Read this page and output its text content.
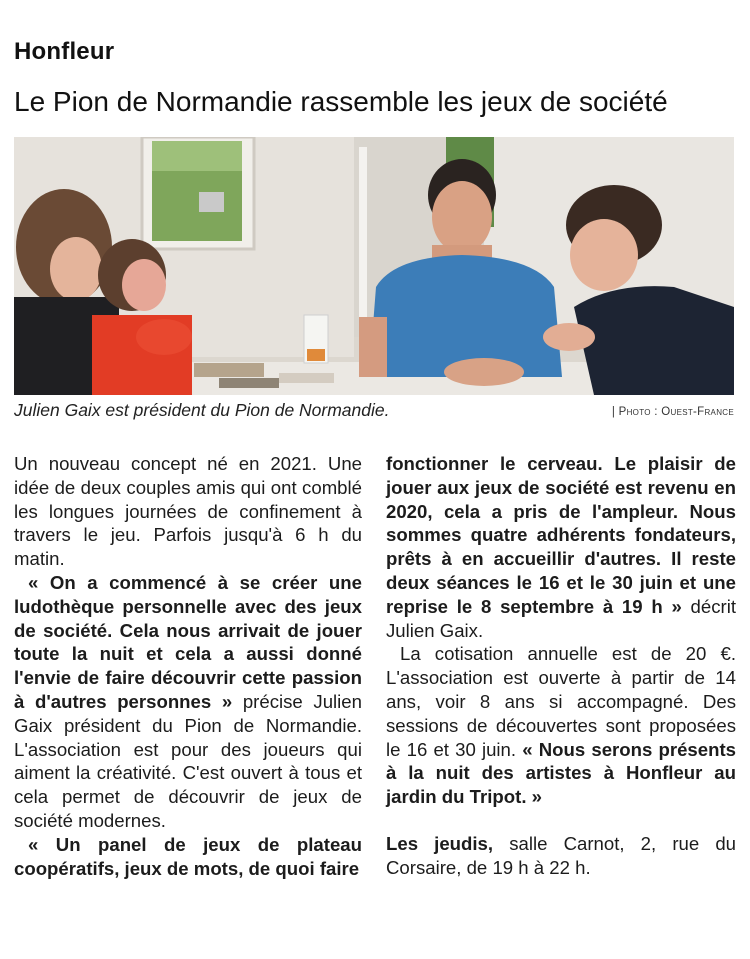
Honfleur
Le Pion de Normandie rassemble les jeux de société
Julien Gaix est président du Pion de Normandie.	| Photo : Ouest-France

Un nouveau concept né en 2021. Une idée de deux couples amis qui ont comblé les longues journées de confinement à travers le jeu. Parfois jusqu'à 6 h du matin.

« On a commencé à se créer une ludothèque personnelle avec des jeux de société. Cela nous arrivait de jouer toute la nuit et cela a aussi donné l'envie de faire découvrir cette passion à d'autres personnes » précise Julien Gaix président du Pion de Normandie. L'association est pour des joueurs qui aiment la créativité. C'est ouvert à tous et cela permet de découvrir de jeux de société modernes.

« Un panel de jeux de plateau coopératifs, jeux de mots, de quoi faire

fonctionner le cerveau. Le plaisir de jouer aux jeux de société est revenu en 2020, cela a pris de l'ampleur. Nous sommes quatre adhérents fondateurs, prêts à en accueillir d'autres. Il reste deux séances le 16 et le 30 juin et une reprise le 8 septembre à 19 h » décrit Julien Gaix.

La cotisation annuelle est de 20 €. L'association est ouverte à partir de 14 ans, voir 8 ans si accompagné. Des sessions de découvertes sont proposées le 16 et 30 juin. « Nous serons présents à la nuit des artistes à Honfleur au jardin du Tripot. »

Les jeudis, salle Carnot, 2, rue du Corsaire, de 19 h à 22 h.
